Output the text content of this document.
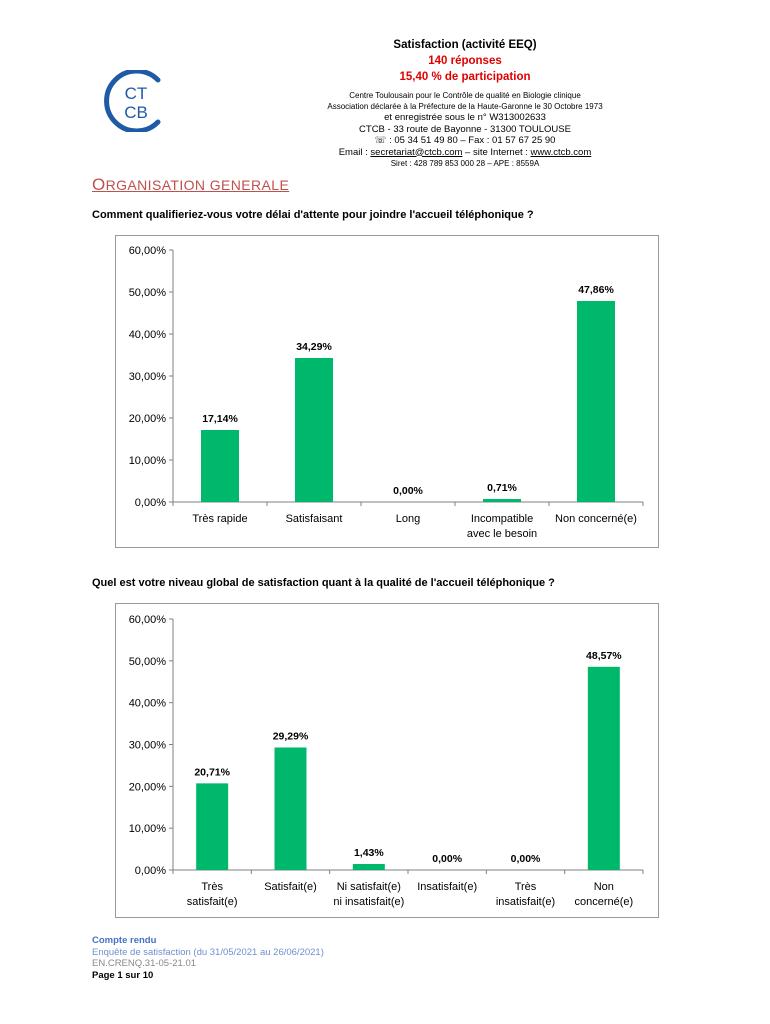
CT
CB
Satisfaction (activité EEQ)
140 réponses
15,40 % de participation
Centre Toulousain pour le Contrôle de qualité en Biologie clinique
Association déclarée à la Préfecture de la Haute-Garonne le 30 Octobre 1973
et enregistrée sous le n° W313002633
CTCB - 33 route de Bayonne - 31300 TOULOUSE
☏ : 05 34 51 49 80 – Fax : 01 57 67 25 90
Email : secretariat@ctcb.com – site Internet : www.ctcb.com
Siret : 428 789 853 000 28 – APE : 8559A
ORGANISATION GENERALE
Comment qualifieriez-vous votre délai d'attente pour joindre l'accueil téléphonique ?
0,00%
10,00%
20,00%
30,00%
40,00%
50,00%
60,00%
17,14%
Très rapide
34,29%
Satisfaisant
0,00%
Long
0,71%
Incompatible
avec le besoin
47,86%
Non concerné(e)
Quel est votre niveau global de satisfaction quant à la qualité de l'accueil téléphonique ?
0,00%
10,00%
20,00%
30,00%
40,00%
50,00%
60,00%
20,71%
Très
satisfait(e)
29,29%
Satisfait(e)
1,43%
Ni satisfait(e)
ni insatisfait(e)
0,00%
Insatisfait(e)
0,00%
Très
insatisfait(e)
48,57%
Non
concerné(e)
Compte rendu
Enquête de satisfaction (du 31/05/2021 au 26/06/2021)
EN.CRENQ.31-05-21.01
Page 1 sur 10
